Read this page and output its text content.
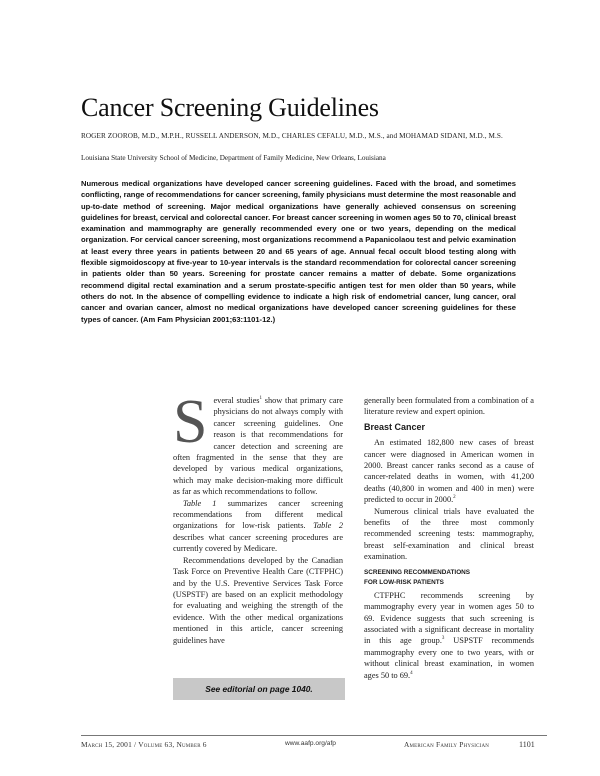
Cancer Screening Guidelines
ROGER ZOOROB, M.D., M.P.H., RUSSELL ANDERSON, M.D., CHARLES CEFALU, M.D., M.S., and MOHAMAD SIDANI, M.D., M.S.
Louisiana State University School of Medicine, Department of Family Medicine, New Orleans, Louisiana
Numerous medical organizations have developed cancer screening guidelines. Faced with the broad, and sometimes conflicting, range of recommendations for cancer screening, family physicians must determine the most reasonable and up-to-date method of screening. Major medical organizations have generally achieved consensus on screening guidelines for breast, cervical and colorectal cancer. For breast cancer screening in women ages 50 to 70, clinical breast examination and mammography are generally recommended every one or two years, depending on the medical organization. For cervical cancer screening, most organizations recommend a Papanicolaou test and pelvic examination at least every three years in patients between 20 and 65 years of age. Annual fecal occult blood testing along with flexible sigmoidoscopy at five-year to 10-year intervals is the standard recommendation for colorectal cancer screening in patients older than 50 years. Screening for prostate cancer remains a matter of debate. Some organizations recommend digital rectal examination and a serum prostate-specific antigen test for men older than 50 years, while others do not. In the absence of compelling evidence to indicate a high risk of endometrial cancer, lung cancer, oral cancer and ovarian cancer, almost no medical organizations have developed cancer screening guidelines for these types of cancer. (Am Fam Physician 2001;63:1101-12.)

Several studies$^1$ show that primary care physicians do not always comply with cancer screening guidelines. One reason is that recommendations for cancer detection and screening are often fragmented in the sense that they are developed by various medical organizations, which may make decision-making more difficult as far as which recommendations to follow.

Table 1 summarizes cancer screening recommendations from different medical organizations for low-risk patients. Table 2 describes what cancer screening procedures are currently covered by Medicare.

Recommendations developed by the Canadian Task Force on Preventive Health Care (CTFPHC) and by the U.S. Preventive Services Task Force (USPSTF) are based on an explicit methodology for evaluating and weighing the strength of the evidence. With the other medical organizations mentioned in this article, cancer screening guidelines have

See editorial on page 1040.

generally been formulated from a combination of a literature review and expert opinion.

Breast Cancer

An estimated 182,800 new cases of breast cancer were diagnosed in American women in 2000. Breast cancer ranks second as a cause of cancer-related deaths in women, with 41,200 deaths (40,800 in women and 400 in men) were predicted to occur in 2000.$^2$

Numerous clinical trials have evaluated the benefits of the three most commonly recommended screening tests: mammography, breast self-examination and clinical breast examination.

SCREENING RECOMMENDATIONS
FOR LOW-RISK PATIENTS

CTFPHC recommends screening by mammography every year in women ages 50 to 69. Evidence suggests that such screening is associated with a significant decrease in mortality in this age group.$^3$ USPSTF recommends mammography every one to two years, with or without clinical breast examination, in women ages 50 to 69.$^4$

March 15, 2001 / Volume 63, Number 6	www.aafp.org/afp	American Family Physician	1101
